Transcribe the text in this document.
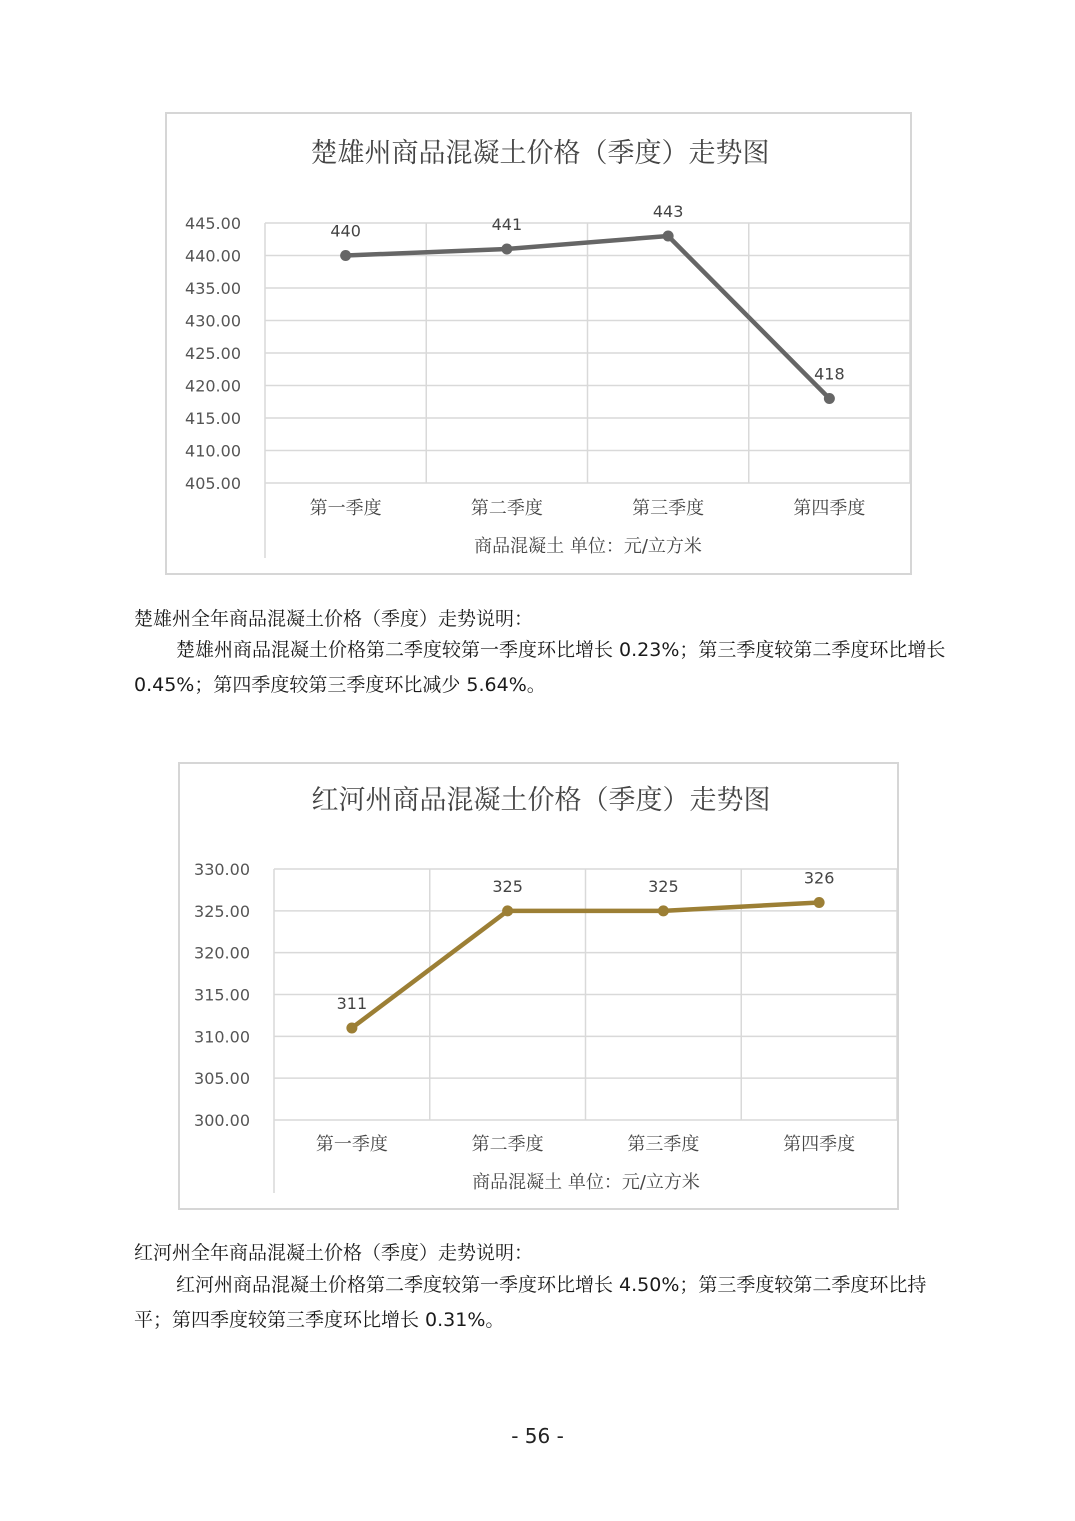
楚雄州商品混凝土价格（季度）走势图
405.00
410.00
415.00
420.00
425.00
430.00
435.00
440.00
445.00
第一季度	第二季度	第三季度	第四季度
商品混凝土 单位：元/立方米
440	441
443
418
楚雄州全年商品混凝土价格（季度）走势说明：
楚雄州商品混凝土价格第二季度较第一季度环比增长 0.23%；第三季度较第二季度环比增长 0.45%；第四季度较第三季度环比减少 5.64%。
红河州商品混凝土价格（季度）走势图
300.00
305.00
310.00
315.00
320.00
325.00
330.00
第一季度	第二季度	第三季度	第四季度
商品混凝土 单位：元/立方米
311
325	325	326
红河州全年商品混凝土价格（季度）走势说明：
红河州商品混凝土价格第二季度较第一季度环比增长 4.50%；第三季度较第二季度环比持平；第四季度较第三季度环比增长 0.31%。
- 56 -
